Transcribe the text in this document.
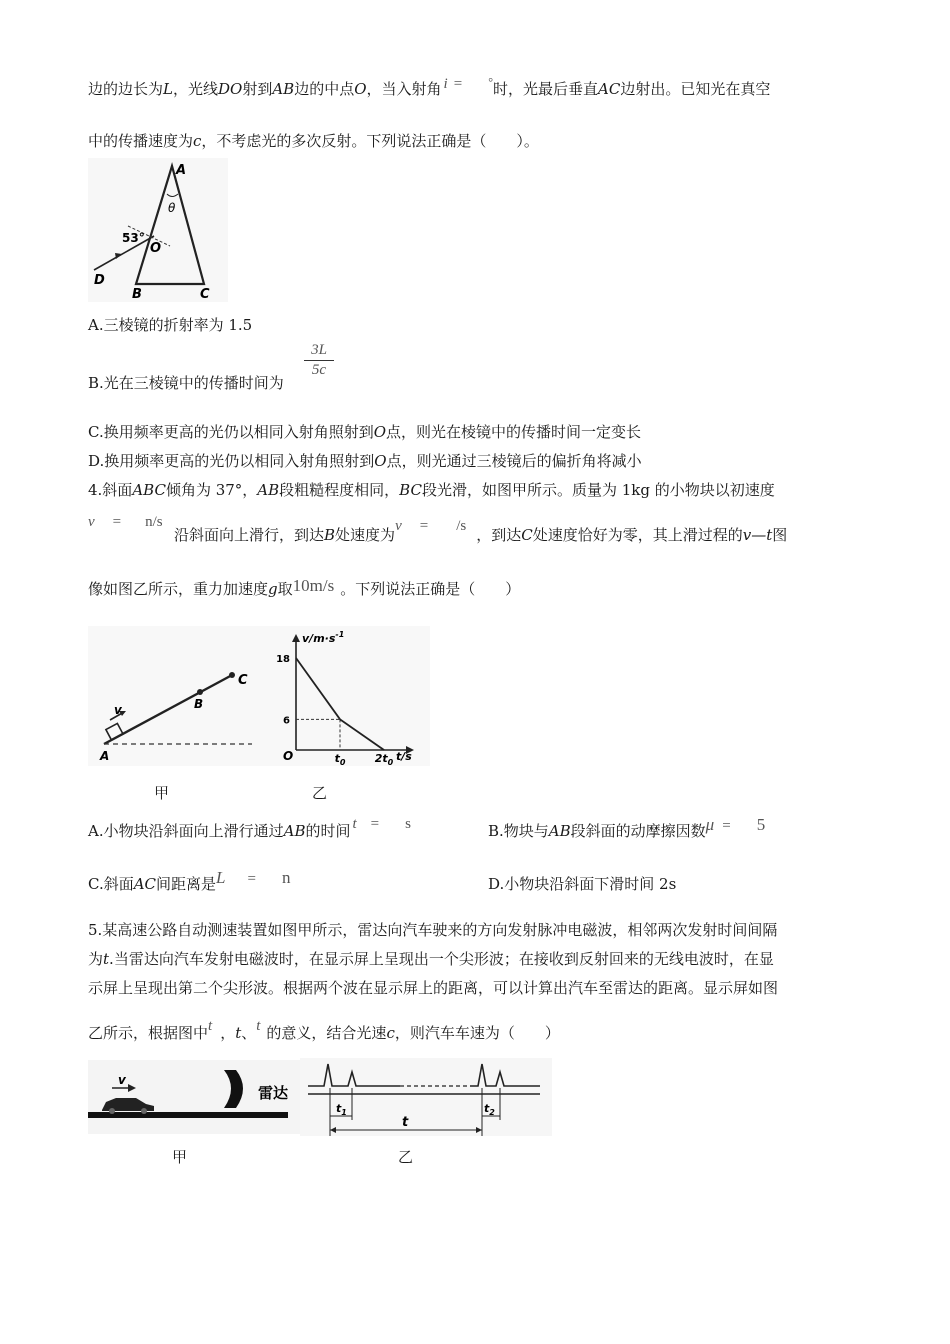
边的边长为L，光线DO射到AB边的中点O，当入射角 i = °时，光最后垂直AC边射出。已知光在真空
中的传播速度为c，不考虑光的多次反射。下列说法正确是（　　）。
A
θ
53°
O
D
B	C
A.三棱镜的折射率为 1.5
B.光在三棱镜中的传播时间为
3L
5c
C.换用频率更高的光仍以相同入射角照射到O点，则光在棱镜中的传播时间一定变长
D.换用频率更高的光仍以相同入射角照射到O点，则光通过三棱镜后的偏折角将减小
4.斜面ABC倾角为 37°，AB段粗糙程度相同，BC段光滑，如图甲所示。质量为 1kg 的小物块以初速度
v = n/s
沿斜面向上滑行，到达B处速度为v = /s ，到达C处速度恰好为零，其上滑过程的v—t图
像如图乙所示，重力加速度g取10m/s 。下列说法正确是（　　）
v
A
B
C
$v/m\cdot s^{-1}$
18
6
O	$t_0$	$2t_0$ t/s
甲	乙
A.小物块沿斜面向上滑行通过AB的时间 t = s	B.物块与AB段斜面的动摩擦因数μ = 5
C.斜面AC间距离是L = n	D.小物块沿斜面下滑时间 2s
5.某高速公路自动测速装置如图甲所示，雷达向汽车驶来的方向发射脉冲电磁波，相邻两次发射时间间隔
为t.当雷达向汽车发射电磁波时，在显示屏上呈现出一个尖形波；在接收到反射回来的无线电波时，在显
示屏上呈现出第二个尖形波。根据两个波在显示屏上的距离，可以计算出汽车至雷达的距离。显示屏如图
乙所示，根据图中t ，t、t 的意义，结合光速c，则汽车车速为（　　）
v
雷达
$t_1$	$t_2$
t
甲	乙
